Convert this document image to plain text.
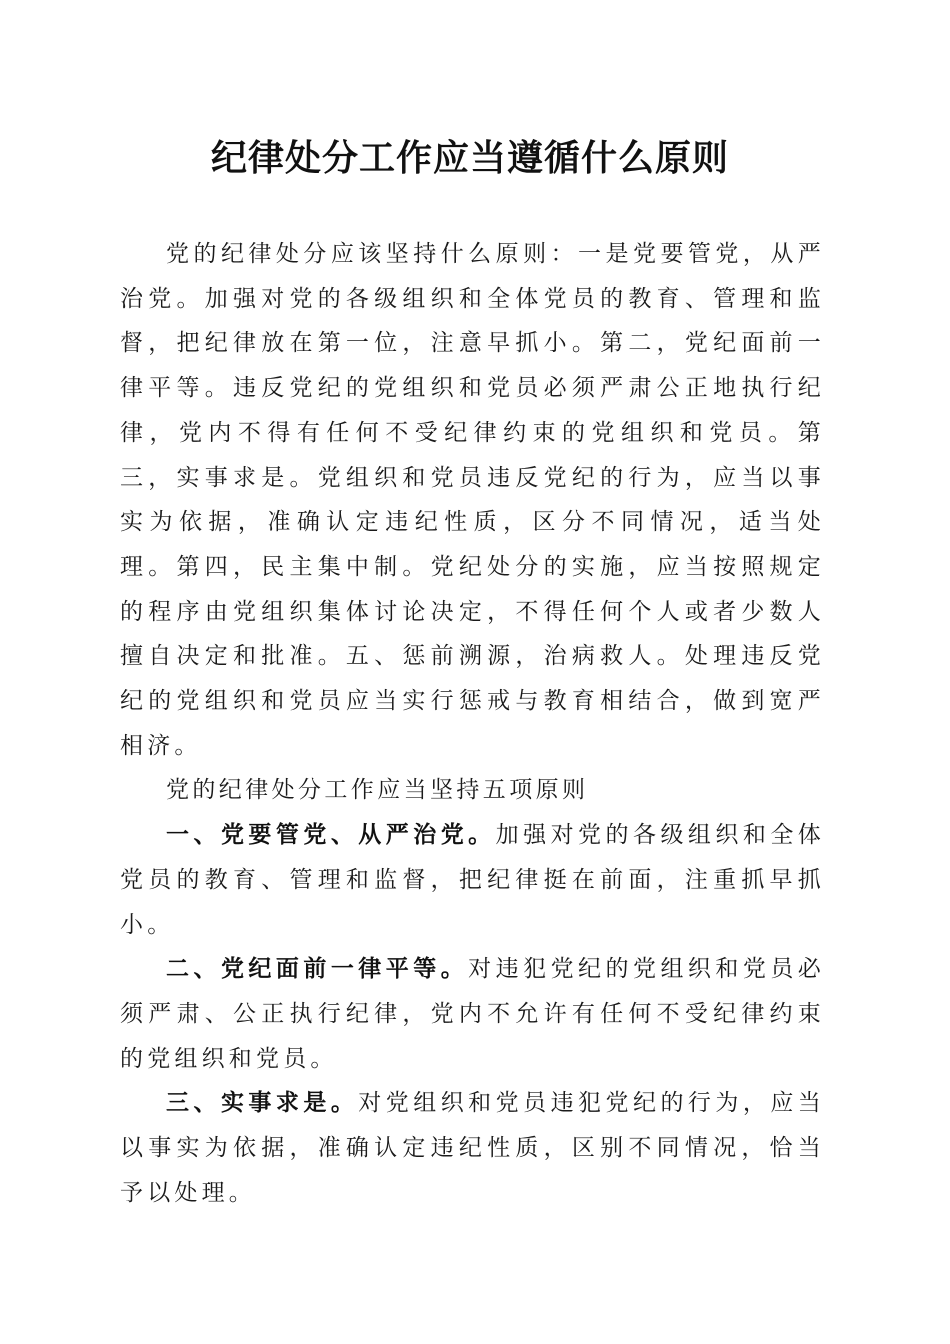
纪律处分工作应当遵循什么原则

党的纪律处分应该坚持什么原则：一是党要管党，从严治党。加强对党的各级组织和全体党员的教育、管理和监督，把纪律放在第一位，注意早抓小。第二，党纪面前一律平等。违反党纪的党组织和党员必须严肃公正地执行纪律，党内不得有任何不受纪律约束的党组织和党员。第三，实事求是。党组织和党员违反党纪的行为，应当以事实为依据，准确认定违纪性质，区分不同情况，适当处理。第四，民主集中制。党纪处分的实施，应当按照规定的程序由党组织集体讨论决定，不得任何个人或者少数人擅自决定和批准。五、惩前溯源，治病救人。处理违反党纪的党组织和党员应当实行惩戒与教育相结合，做到宽严相济。

党的纪律处分工作应当坚持五项原则

一、党要管党、从严治党。加强对党的各级组织和全体党员的教育、管理和监督，把纪律挺在前面，注重抓早抓小。

二、党纪面前一律平等。对违犯党纪的党组织和党员必须严肃、公正执行纪律，党内不允许有任何不受纪律约束的党组织和党员。

三、实事求是。对党组织和党员违犯党纪的行为，应当以事实为依据，准确认定违纪性质，区别不同情况，恰当予以处理。
